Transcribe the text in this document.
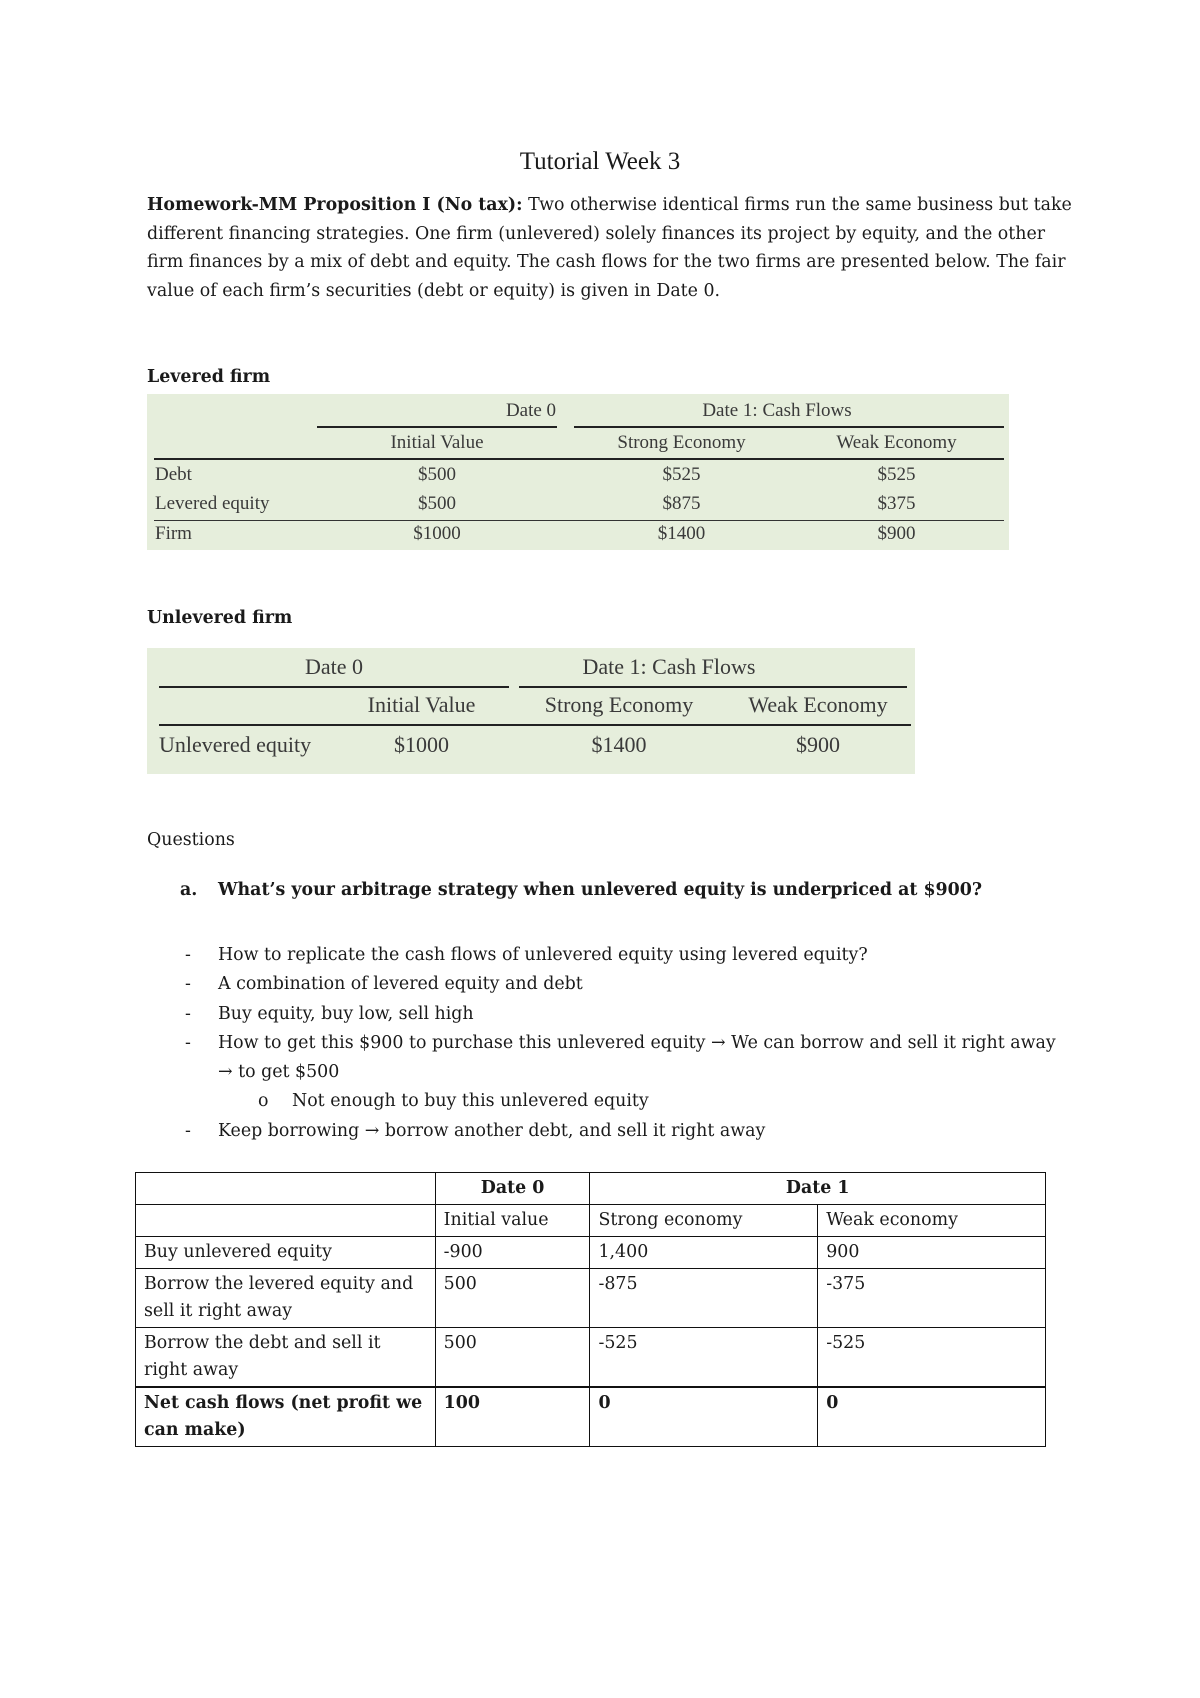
Tutorial Week 3
Homework-MM Proposition I (No tax): Two otherwise identical firms run the same business but take different financing strategies. One firm (unlevered) solely finances its project by equity, and the other firm finances by a mix of debt and equity. The cash flows for the two firms are presented below. The fair value of each firm’s securities (debt or equity) is given in Date 0.
Levered firm
Date 0	Date 1: Cash Flows
Initial Value	Strong Economy	Weak Economy
Debt	$500	$525	$525
Levered equity	$500	$875	$375
Firm	$1000	$1400	$900
Unlevered firm
Date 0	Date 1: Cash Flows
Initial Value	Strong Economy	Weak Economy
Unlevered equity	$1000	$1400	$900
Questions
a. What’s your arbitrage strategy when unlevered equity is underpriced at $900?
- How to replicate the cash flows of unlevered equity using levered equity?
- A combination of levered equity and debt
- Buy equity, buy low, sell high
- How to get this $900 to purchase this unlevered equity → We can borrow and sell it right away → to get $500
o Not enough to buy this unlevered equity
- Keep borrowing → borrow another debt, and sell it right away
	Date 0	Date 1	
	Initial value	Strong economy	Weak economy
Buy unlevered equity	-900	1,400	900
Borrow the levered equity and sell it right away	500	-875	-375
Borrow the debt and sell it right away	500	-525	-525
Net cash flows (net profit we can make)	100	0	0
